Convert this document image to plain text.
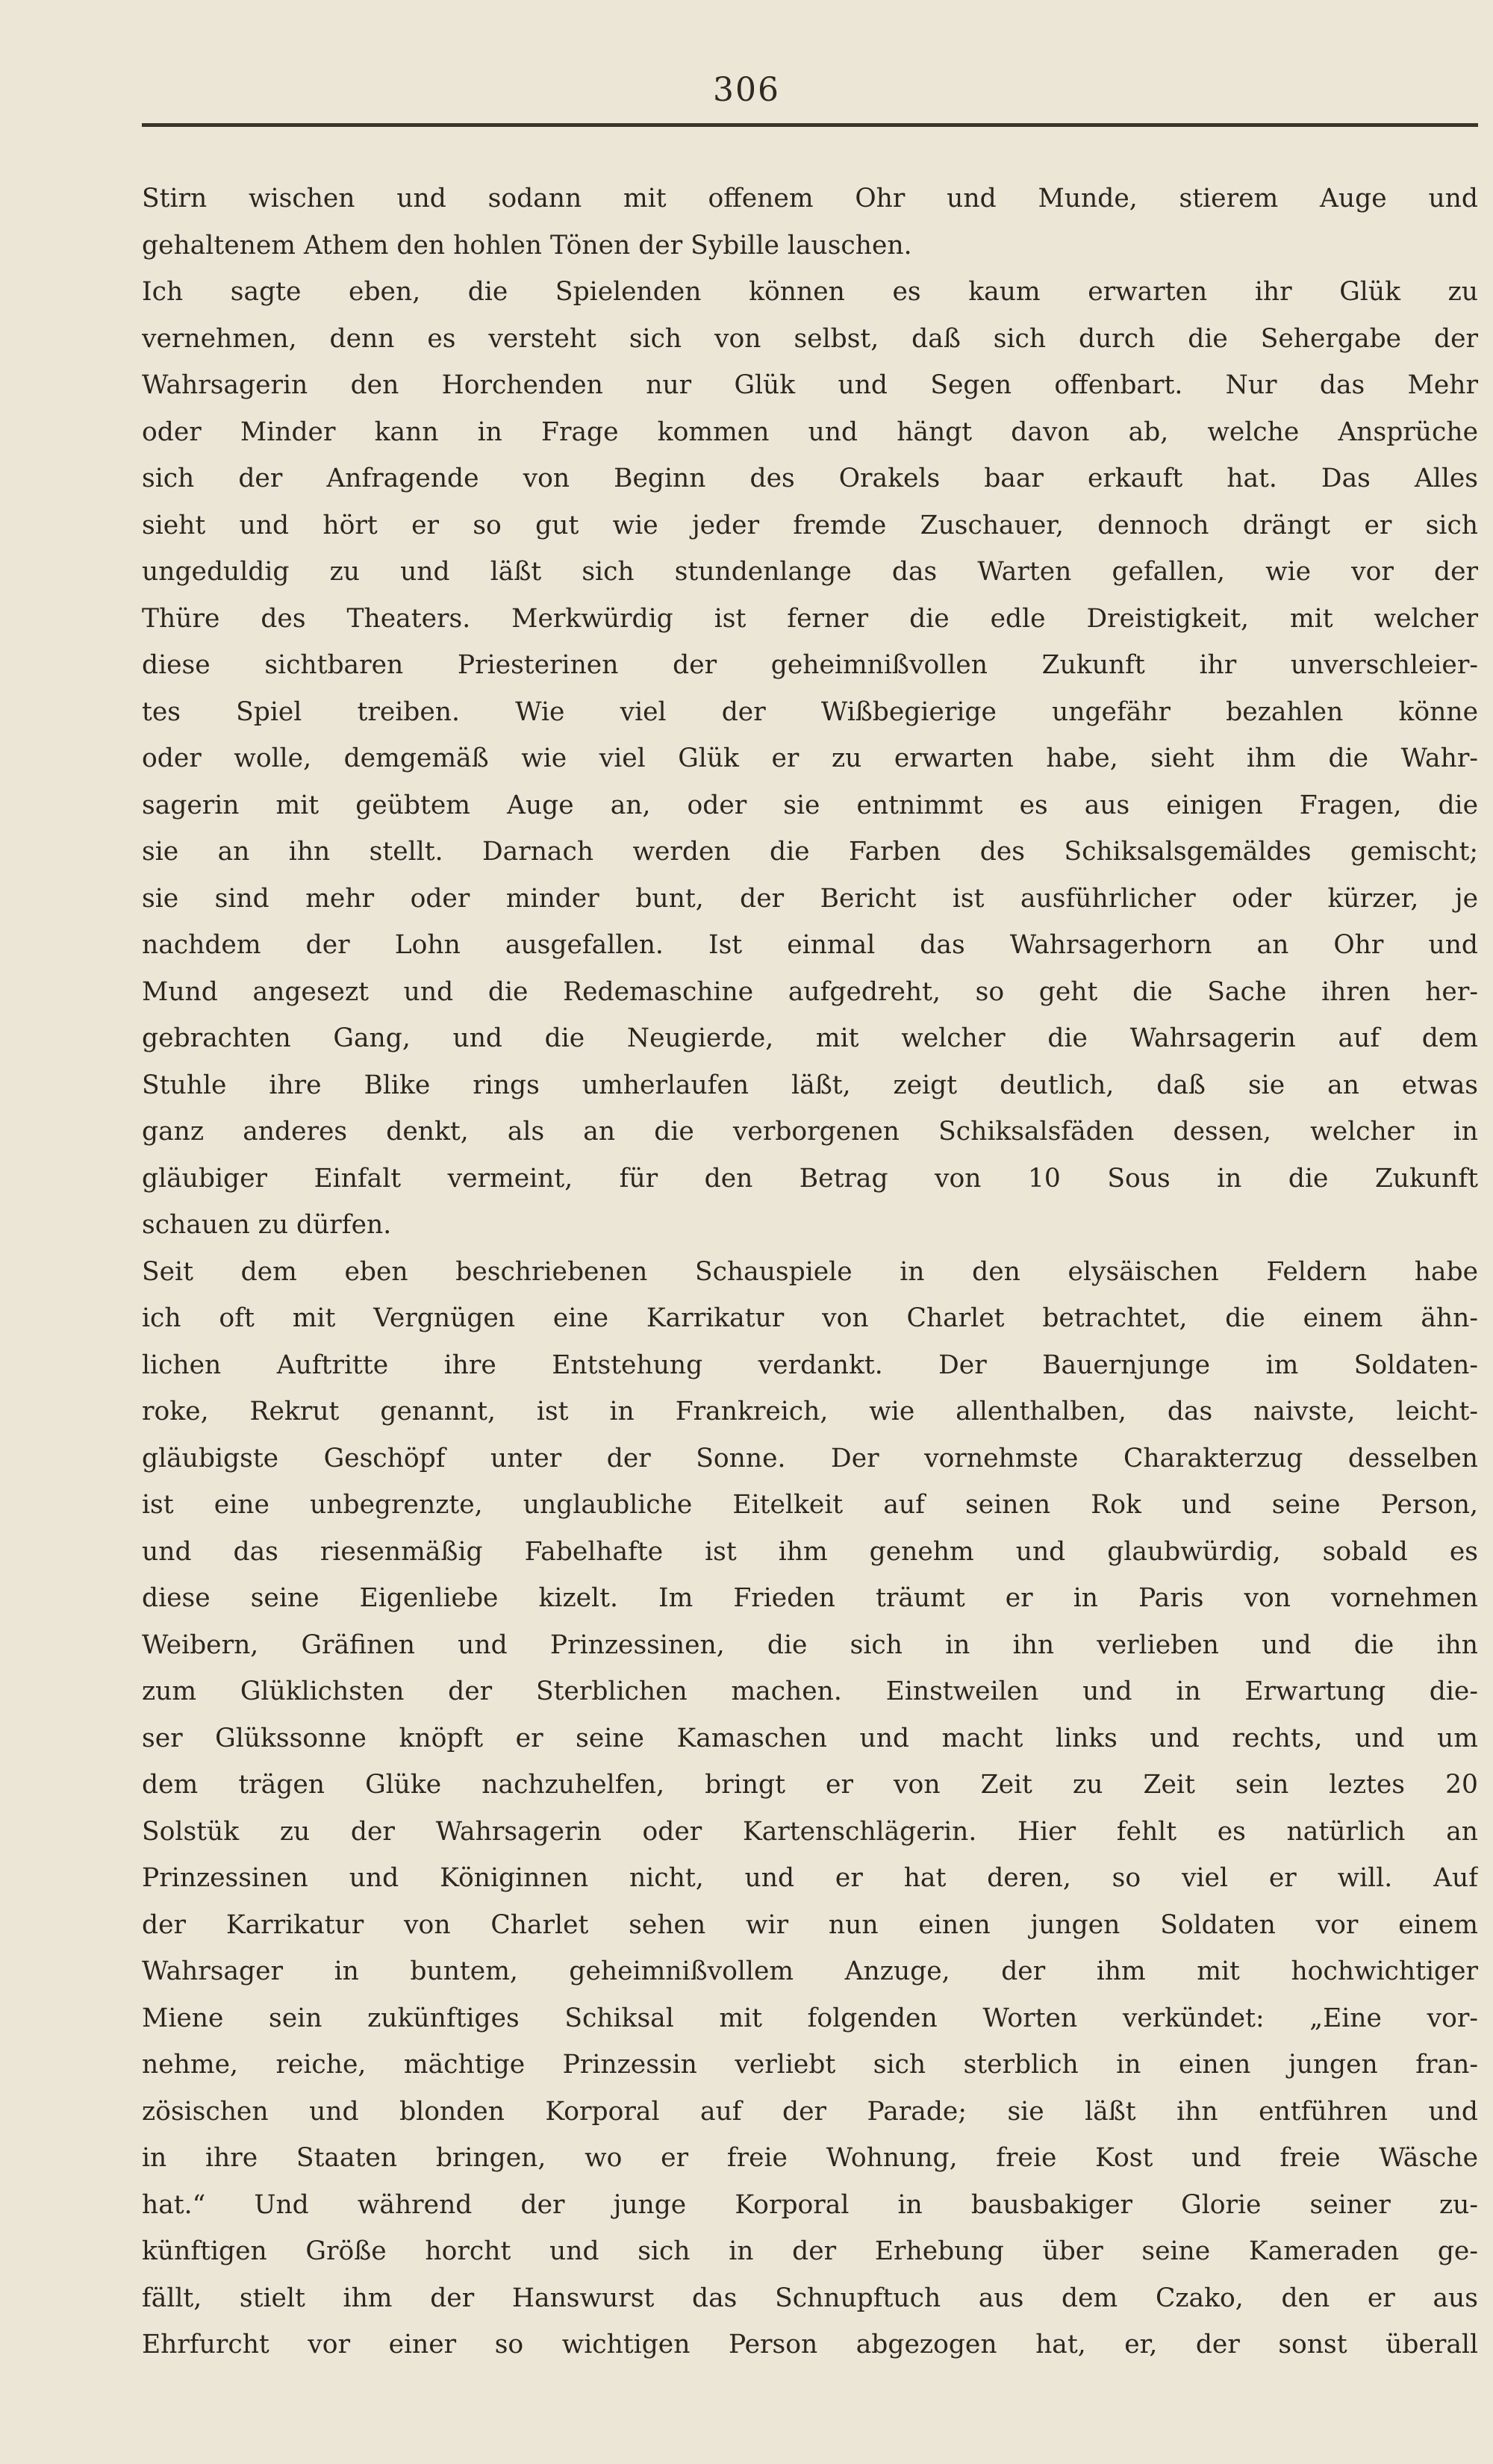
306
Stirn wischen und sodann mit offenem Ohr und Munde, stierem Auge und
gehaltenem Athem den hohlen Tönen der Sybille lauschen.
Ich sagte eben, die Spielenden können es kaum erwarten ihr Glük zu
vernehmen, denn es versteht sich von selbst, daß sich durch die Sehergabe der
Wahrsagerin den Horchenden nur Glük und Segen offenbart. Nur das Mehr
oder Minder kann in Frage kommen und hängt davon ab, welche Ansprüche
sich der Anfragende von Beginn des Orakels baar erkauft hat. Das Alles
sieht und hört er so gut wie jeder fremde Zuschauer, dennoch drängt er sich
ungeduldig zu und läßt sich stundenlange das Warten gefallen, wie vor der
Thüre des Theaters. Merkwürdig ist ferner die edle Dreistigkeit, mit welcher
diese sichtbaren Priesterinen der geheimnißvollen Zukunft ihr unverschleier-
tes Spiel treiben. Wie viel der Wißbegierige ungefähr bezahlen könne
oder wolle, demgemäß wie viel Glük er zu erwarten habe, sieht ihm die Wahr-
sagerin mit geübtem Auge an, oder sie entnimmt es aus einigen Fragen, die
sie an ihn stellt. Darnach werden die Farben des Schiksalsgemäldes gemischt;
sie sind mehr oder minder bunt, der Bericht ist ausführlicher oder kürzer, je
nachdem der Lohn ausgefallen. Ist einmal das Wahrsagerhorn an Ohr und
Mund angesezt und die Redemaschine aufgedreht, so geht die Sache ihren her-
gebrachten Gang, und die Neugierde, mit welcher die Wahrsagerin auf dem
Stuhle ihre Blike rings umherlaufen läßt, zeigt deutlich, daß sie an etwas
ganz anderes denkt, als an die verborgenen Schiksalsfäden dessen, welcher in
gläubiger Einfalt vermeint, für den Betrag von 10 Sous in die Zukunft
schauen zu dürfen.
Seit dem eben beschriebenen Schauspiele in den elysäischen Feldern habe
ich oft mit Vergnügen eine Karrikatur von Charlet betrachtet, die einem ähn-
lichen Auftritte ihre Entstehung verdankt. Der Bauernjunge im Soldaten-
roke, Rekrut genannt, ist in Frankreich, wie allenthalben, das naivste, leicht-
gläubigste Geschöpf unter der Sonne. Der vornehmste Charakterzug desselben
ist eine unbegrenzte, unglaubliche Eitelkeit auf seinen Rok und seine Person,
und das riesenmäßig Fabelhafte ist ihm genehm und glaubwürdig, sobald es
diese seine Eigenliebe kizelt. Im Frieden träumt er in Paris von vornehmen
Weibern, Gräfinen und Prinzessinen, die sich in ihn verlieben und die ihn
zum Glüklichsten der Sterblichen machen. Einstweilen und in Erwartung die-
ser Glükssonne knöpft er seine Kamaschen und macht links und rechts, und um
dem trägen Glüke nachzuhelfen, bringt er von Zeit zu Zeit sein leztes 20
Solstük zu der Wahrsagerin oder Kartenschlägerin. Hier fehlt es natürlich an
Prinzessinen und Königinnen nicht, und er hat deren, so viel er will. Auf
der Karrikatur von Charlet sehen wir nun einen jungen Soldaten vor einem
Wahrsager in buntem, geheimnißvollem Anzuge, der ihm mit hochwichtiger
Miene sein zukünftiges Schiksal mit folgenden Worten verkündet: „Eine vor-
nehme, reiche, mächtige Prinzessin verliebt sich sterblich in einen jungen fran-
zösischen und blonden Korporal auf der Parade; sie läßt ihn entführen und
in ihre Staaten bringen, wo er freie Wohnung, freie Kost und freie Wäsche
hat.“ Und während der junge Korporal in bausbakiger Glorie seiner zu-
künftigen Größe horcht und sich in der Erhebung über seine Kameraden ge-
fällt, stielt ihm der Hanswurst das Schnupftuch aus dem Czako, den er aus
Ehrfurcht vor einer so wichtigen Person abgezogen hat, er, der sonst überall
